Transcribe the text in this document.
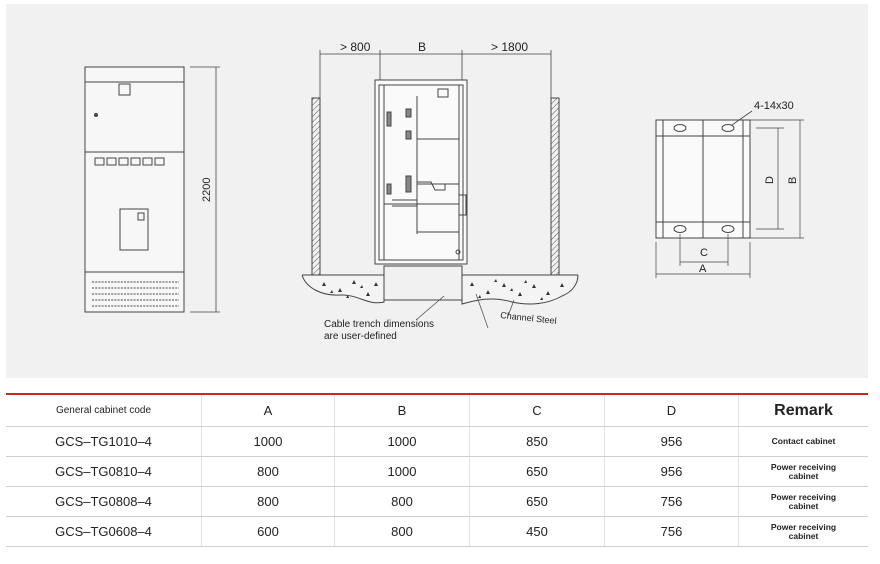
2200
> 800	B	> 1800
Cable trench dimensions
are user-defined
Channel Steel
4-14x30
D B
C
A
General cabinet code	A	B	C	D	Remark
GCS–TG1010–4	1000	1000	850	956	Contact cabinet
GCS–TG0810–4	800	1000	650	956	Power receiving cabinet
GCS–TG0808–4	800	800	650	756	Power receiving cabinet
GCS–TG0608–4	600	800	450	756	Power receiving cabinet
